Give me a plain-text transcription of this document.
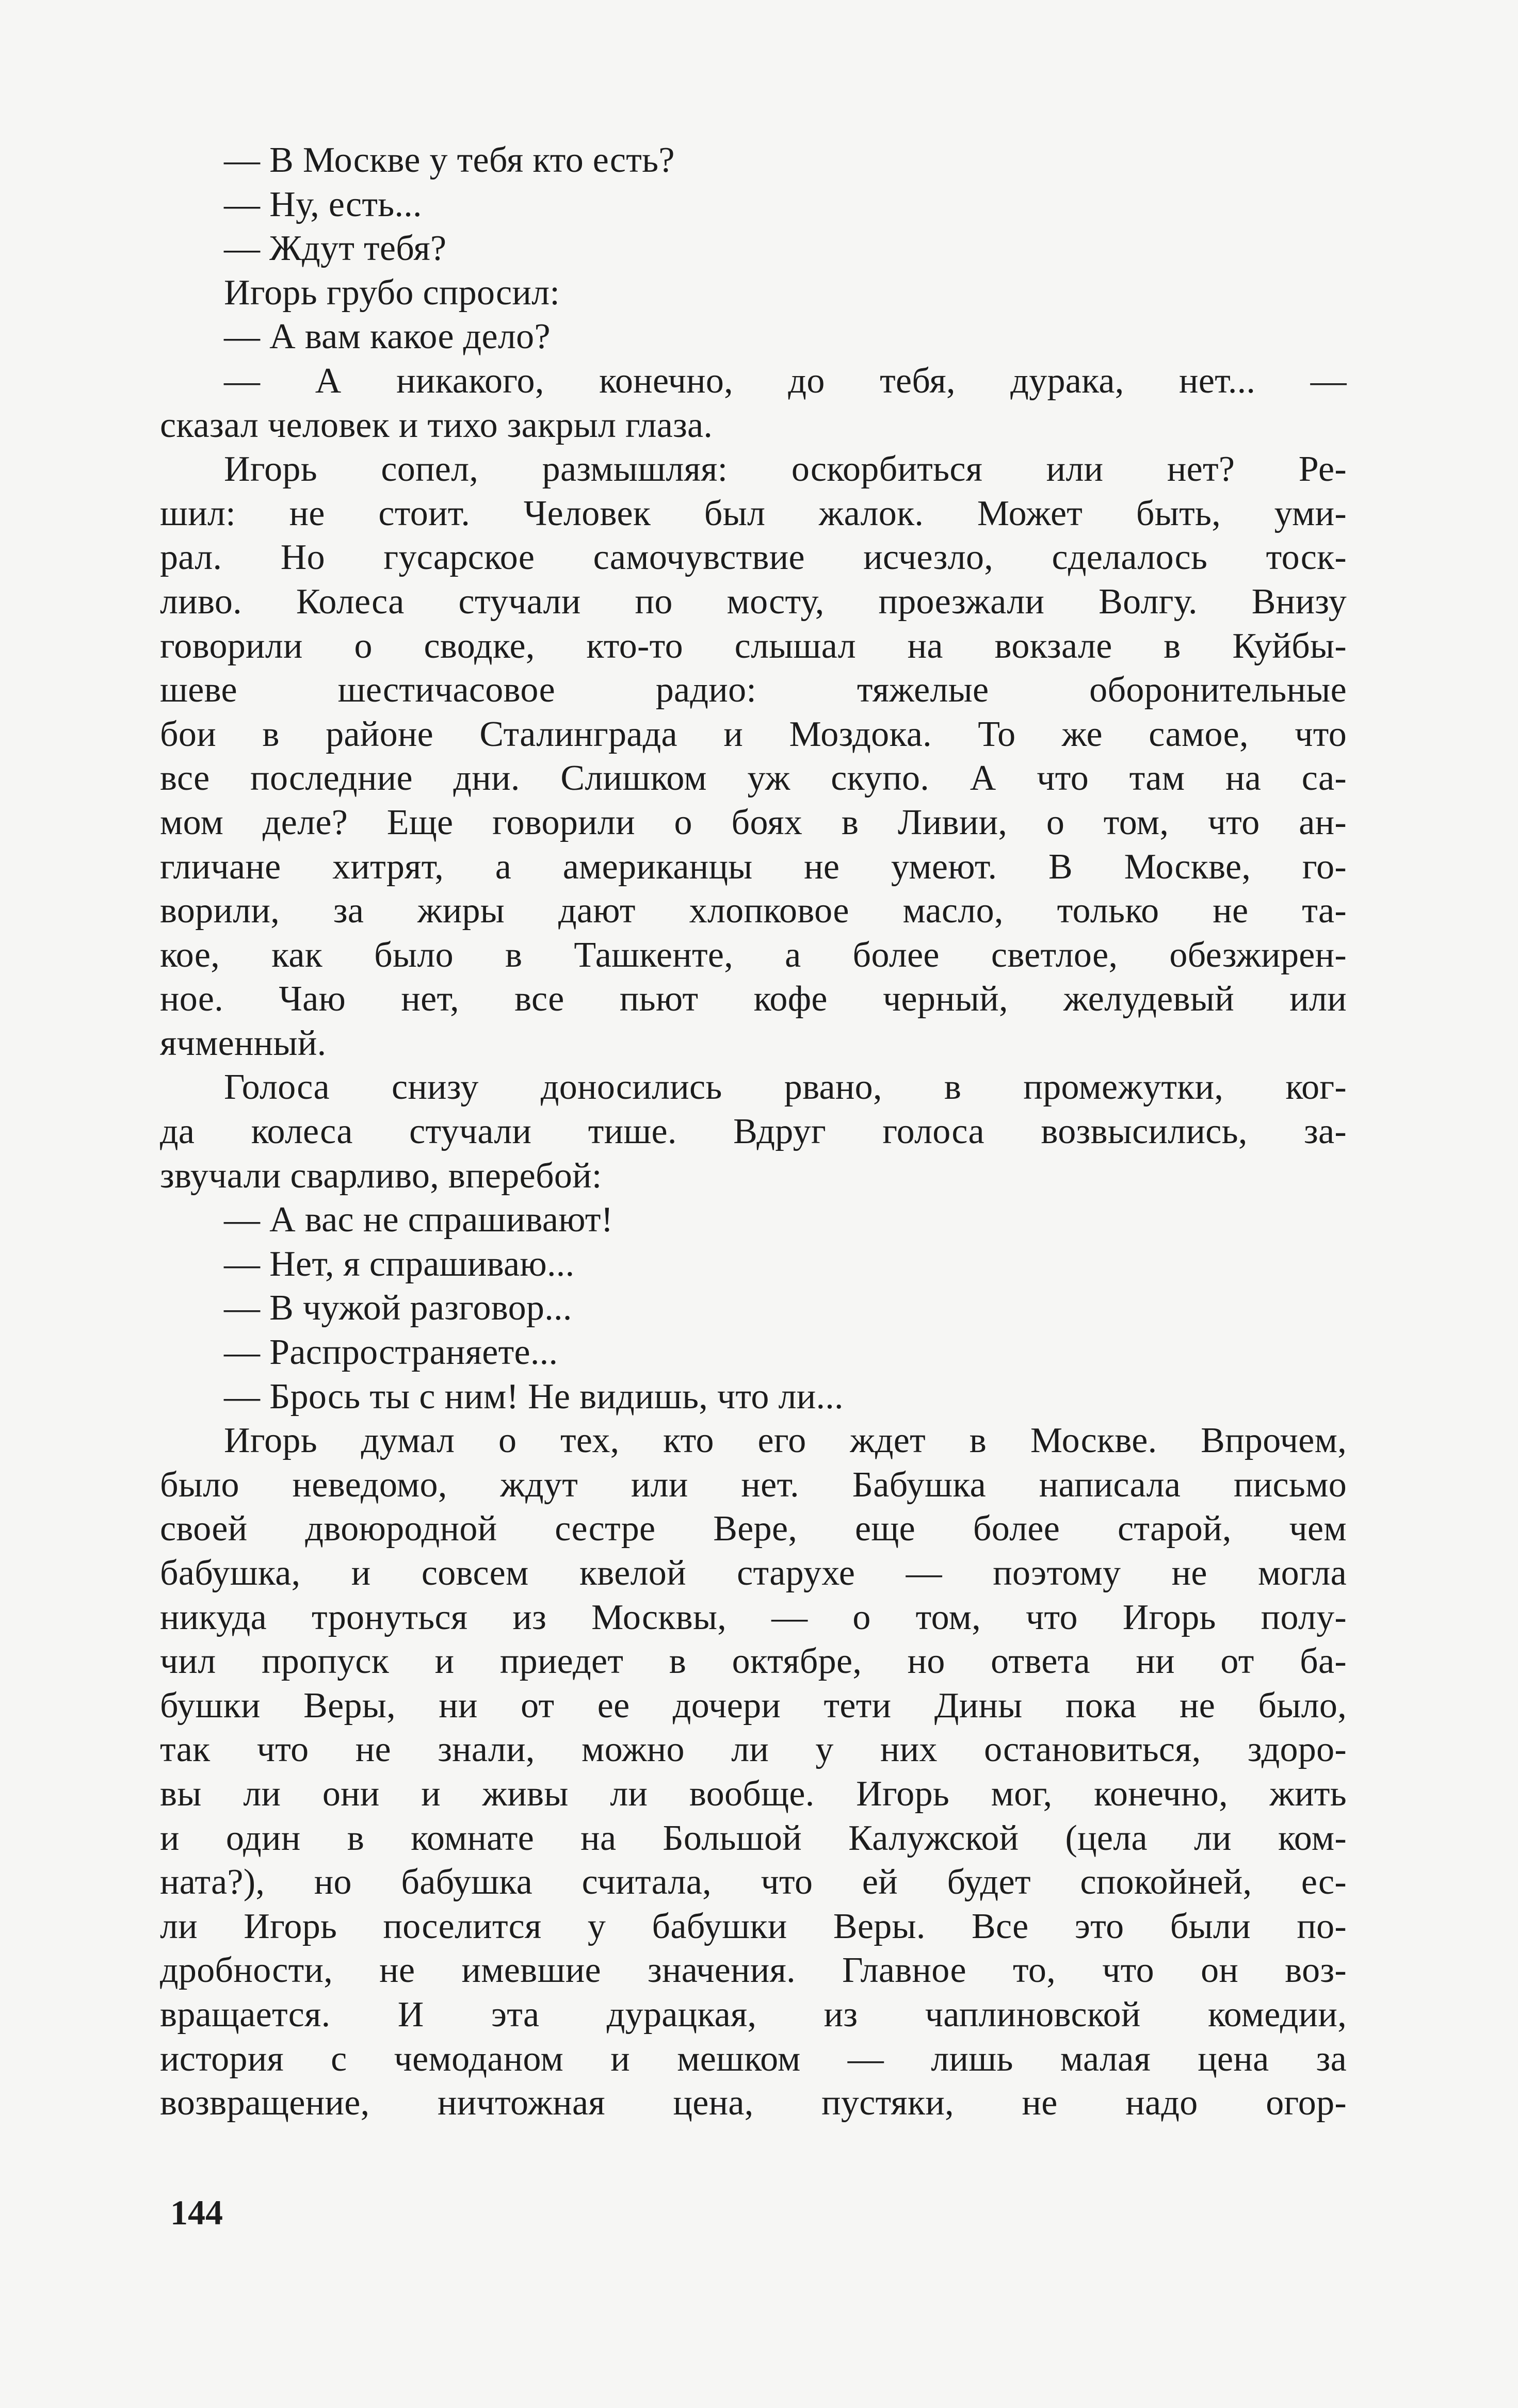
— В Москве у тебя кто есть?
— Ну, есть...
— Ждут тебя?
Игорь грубо спросил:
— А вам какое дело?
— А никакого, конечно, до тебя, дурака, нет... —
сказал человек и тихо закрыл глаза.
Игорь сопел, размышляя: оскорбиться или нет? Ре-
шил: не стоит. Человек был жалок. Может быть, уми-
рал. Но гусарское самочувствие исчезло, сделалось тоск-
ливо. Колеса стучали по мосту, проезжали Волгу. Внизу
говорили о сводке, кто-то слышал на вокзале в Куйбы-
шеве шестичасовое радио: тяжелые оборонительные
бои в районе Сталинграда и Моздока. То же самое, что
все последние дни. Слишком уж скупо. А что там на са-
мом деле? Еще говорили о боях в Ливии, о том, что ан-
гличане хитрят, а американцы не умеют. В Москве, го-
ворили, за жиры дают хлопковое масло, только не та-
кое, как было в Ташкенте, а более светлое, обезжирен-
ное. Чаю нет, все пьют кофе черный, желудевый или
ячменный.
Голоса снизу доносились рвано, в промежутки, ког-
да колеса стучали тише. Вдруг голоса возвысились, за-
звучали сварливо, вперебой:
— А вас не спрашивают!
— Нет, я спрашиваю...
— В чужой разговор...
— Распространяете...
— Брось ты с ним! Не видишь, что ли...
Игорь думал о тех, кто его ждет в Москве. Впрочем,
было неведомо, ждут или нет. Бабушка написала письмо
своей двоюродной сестре Вере, еще более старой, чем
бабушка, и совсем квелой старухе — поэтому не могла
никуда тронуться из Москвы, — о том, что Игорь полу-
чил пропуск и приедет в октябре, но ответа ни от ба-
бушки Веры, ни от ее дочери тети Дины пока не было,
так что не знали, можно ли у них остановиться, здоро-
вы ли они и живы ли вообще. Игорь мог, конечно, жить
и один в комнате на Большой Калужской (цела ли ком-
ната?), но бабушка считала, что ей будет спокойней, ес-
ли Игорь поселится у бабушки Веры. Все это были по-
дробности, не имевшие значения. Главное то, что он воз-
вращается. И эта дурацкая, из чаплиновской комедии,
история с чемоданом и мешком — лишь малая цена за
возвращение, ничтожная цена, пустяки, не надо огор-
144
